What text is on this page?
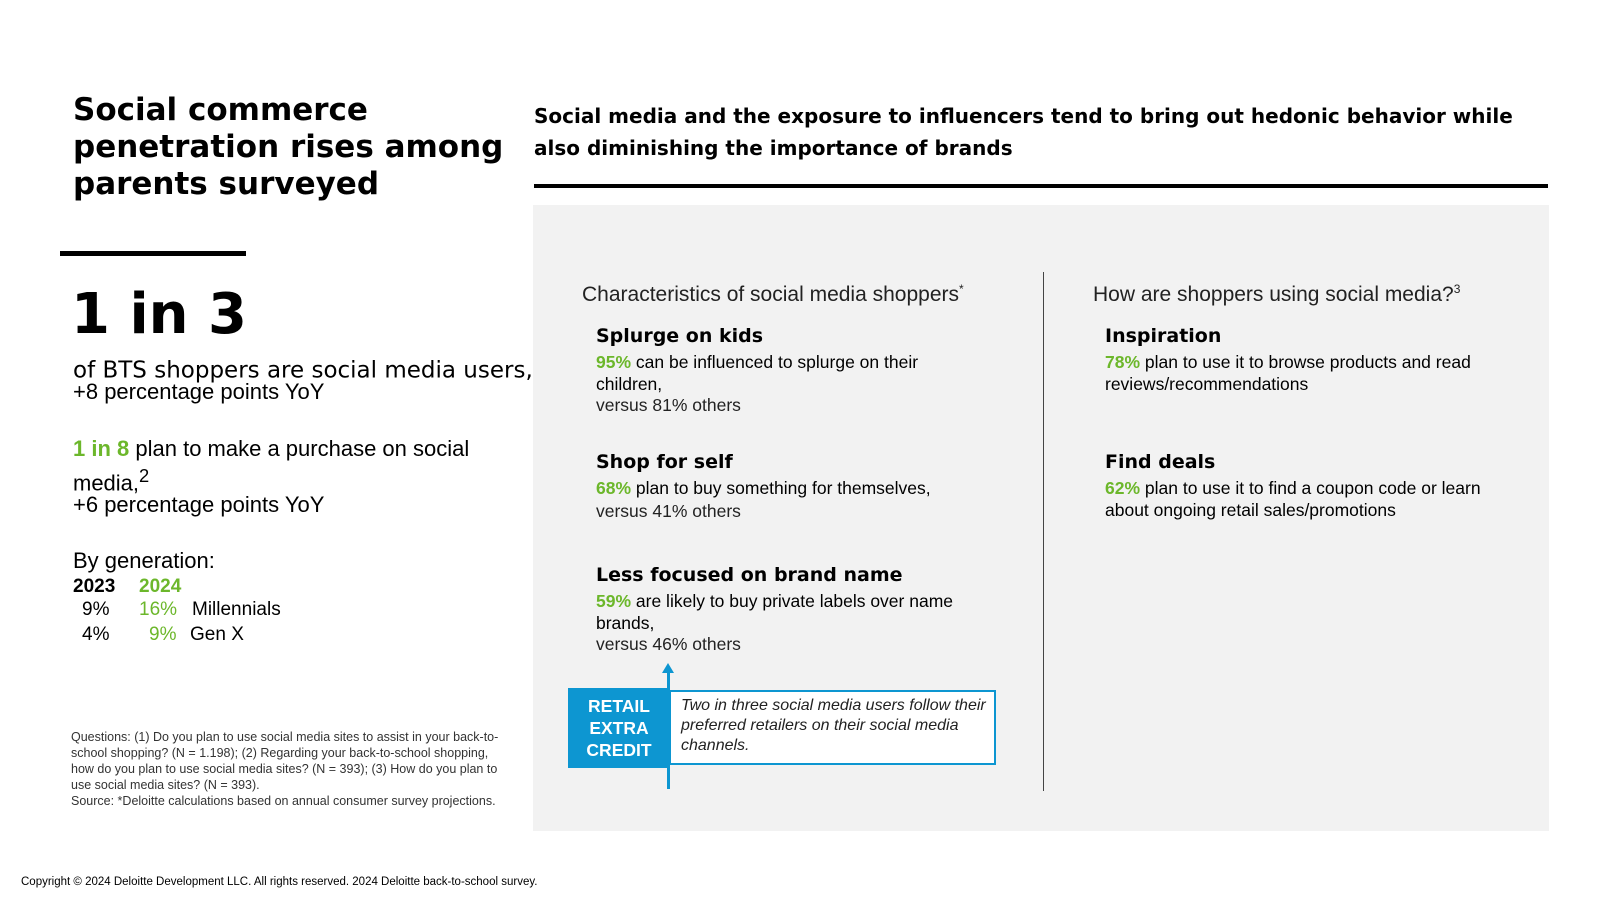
Social commerce penetration rises among parents surveyed
1 in 3
of BTS shoppers are social media users,
+8 percentage points YoY
1 in 8 plan to make a purchase on social media,$^2$
+6 percentage points YoY
By generation:
2023 2024
9% 16% Millennials
4% 9% Gen X
Questions: (1) Do you plan to use social media sites to assist in your back-to-school shopping? (N = 1.198); (2) Regarding your back-to-school shopping, how do you plan to use social media sites? (N = 393); (3) How do you plan to use social media sites? (N = 393).
Source: *Deloitte calculations based on annual consumer survey projections.
Copyright © 2024 Deloitte Development LLC. All rights reserved. 2024 Deloitte back-to-school survey.
Social media and the exposure to influencers tend to bring out hedonic behavior while also diminishing the importance of brands
Characteristics of social media shoppers*	How are shoppers using social media?$^3$
Splurge on kids
95% can be influenced to splurge on their children,
versus 81% others
Shop for self
68% plan to buy something for themselves,
versus 41% others
Less focused on brand name
59% are likely to buy private labels over name brands,
versus 46% others
Inspiration
78% plan to use it to browse products and read reviews/recommendations
Find deals
62% plan to use it to find a coupon code or learn about ongoing retail sales/promotions
RETAIL
EXTRA
CREDIT
Two in three social media users follow their preferred retailers on their social media channels.
